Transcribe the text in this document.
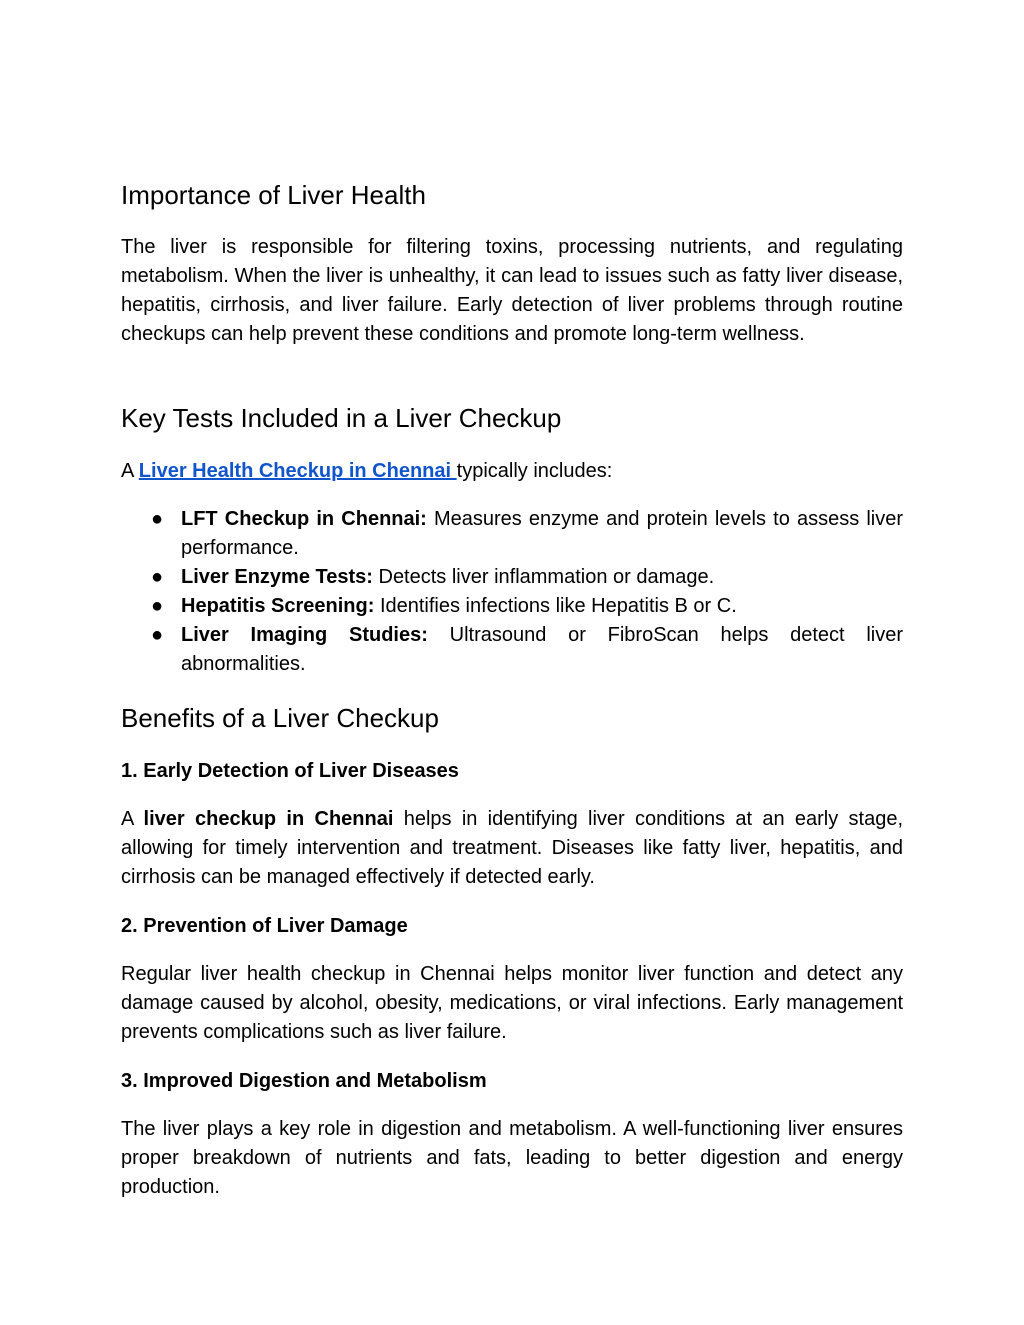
Importance of Liver Health

The liver is responsible for filtering toxins, processing nutrients, and regulating metabolism. When the liver is unhealthy, it can lead to issues such as fatty liver disease, hepatitis, cirrhosis, and liver failure. Early detection of liver problems through routine checkups can help prevent these conditions and promote long-term wellness.

Key Tests Included in a Liver Checkup

A Liver Health Checkup in Chennai typically includes:

● LFT Checkup in Chennai: Measures enzyme and protein levels to assess liver performance.
● Liver Enzyme Tests: Detects liver inflammation or damage.
● Hepatitis Screening: Identifies infections like Hepatitis B or C.
● Liver Imaging Studies: Ultrasound or FibroScan helps detect liver abnormalities.
Benefits of a Liver Checkup
1. Early Detection of Liver Diseases

A liver checkup in Chennai helps in identifying liver conditions at an early stage, allowing for timely intervention and treatment. Diseases like fatty liver, hepatitis, and cirrhosis can be managed effectively if detected early.

2. Prevention of Liver Damage

Regular liver health checkup in Chennai helps monitor liver function and detect any damage caused by alcohol, obesity, medications, or viral infections. Early management prevents complications such as liver failure.

3. Improved Digestion and Metabolism

The liver plays a key role in digestion and metabolism. A well-functioning liver ensures proper breakdown of nutrients and fats, leading to better digestion and energy production.
